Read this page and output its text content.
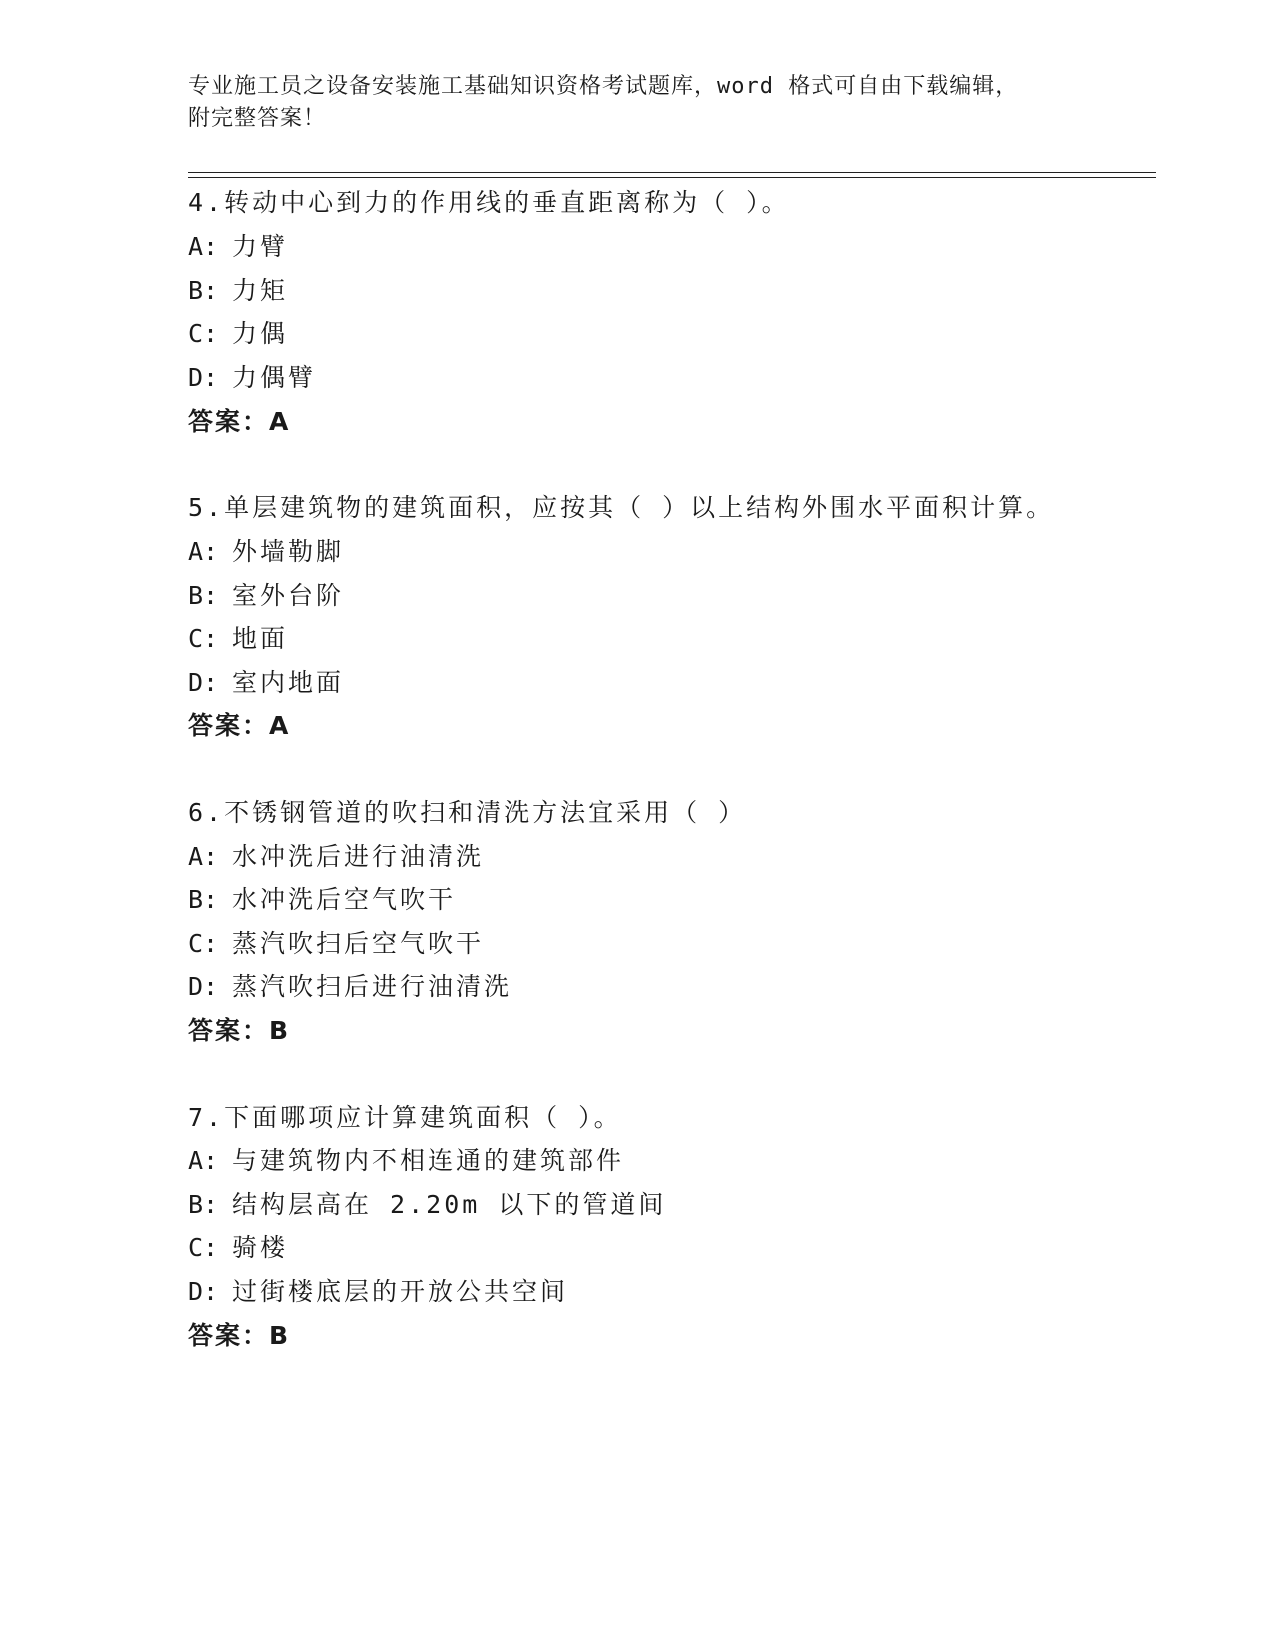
专业施工员之设备安装施工基础知识资格考试题库，word 格式可自由下载编辑，
附完整答案！
4.转动中心到力的作用线的垂直距离称为（ ）。
A: 力臂
B: 力矩
C: 力偶
D: 力偶臂
答案：A
5.单层建筑物的建筑面积，应按其（ ）以上结构外围水平面积计算。
A: 外墙勒脚
B: 室外台阶
C: 地面
D: 室内地面
答案：A
6.不锈钢管道的吹扫和清洗方法宜采用（ ）
A: 水冲洗后进行油清洗
B: 水冲洗后空气吹干
C: 蒸汽吹扫后空气吹干
D: 蒸汽吹扫后进行油清洗
答案：B
7.下面哪项应计算建筑面积（ ）。
A: 与建筑物内不相连通的建筑部件
B: 结构层高在 2.20m 以下的管道间
C: 骑楼
D: 过街楼底层的开放公共空间
答案：B
